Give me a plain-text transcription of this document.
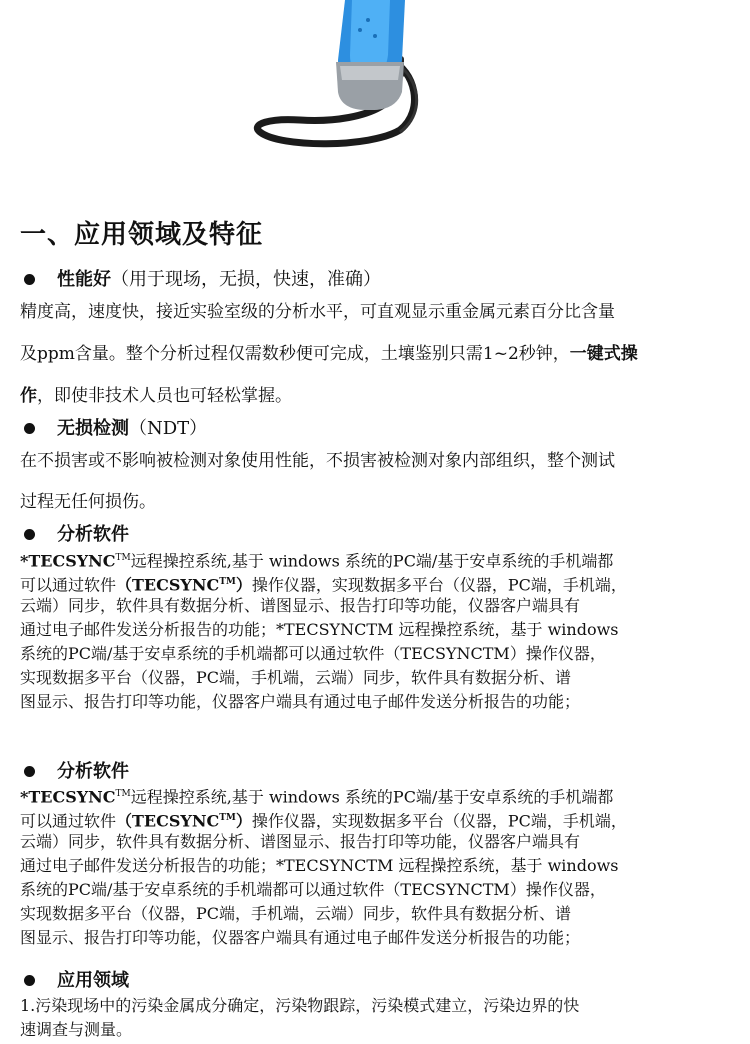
一、应用领域及特征
性能好（用于现场，无损，快速，准确）
精度高，速度快，接近实验室级的分析水平，可直观显示重金属元素百分比含量
及ppm含量。整个分析过程仅需数秒便可完成，土壤鉴别只需1~2秒钟，一键式操
作，即使非技术人员也可轻松掌握。
无损检测（NDT）
在不损害或不影响被检测对象使用性能，不损害被检测对象内部组织，整个测试
过程无任何损伤。
分析软件
*TECSYNC™远程操控系统,基于 windows 系统的PC端/基于安卓系统的手机端都
可以通过软件（TECSYNC™）操作仪器，实现数据多平台（仪器，PC端，手机端，
云端）同步，软件具有数据分析、谱图显示、报告打印等功能，仪器客户端具有
通过电子邮件发送分析报告的功能；*TECSYNCTM 远程操控系统，基于 windows
系统的PC端/基于安卓系统的手机端都可以通过软件（TECSYNCTM）操作仪器，
实现数据多平台（仪器，PC端，手机端，云端）同步，软件具有数据分析、谱
图显示、报告打印等功能，仪器客户端具有通过电子邮件发送分析报告的功能；
分析软件
*TECSYNC™远程操控系统,基于 windows 系统的PC端/基于安卓系统的手机端都
可以通过软件（TECSYNC™）操作仪器，实现数据多平台（仪器，PC端，手机端，
云端）同步，软件具有数据分析、谱图显示、报告打印等功能，仪器客户端具有
通过电子邮件发送分析报告的功能；*TECSYNCTM 远程操控系统，基于 windows
系统的PC端/基于安卓系统的手机端都可以通过软件（TECSYNCTM）操作仪器，
实现数据多平台（仪器，PC端，手机端，云端）同步，软件具有数据分析、谱
图显示、报告打印等功能，仪器客户端具有通过电子邮件发送分析报告的功能；
应用领域
1.污染现场中的污染金属成分确定，污染物跟踪，污染模式建立，污染边界的快
速调查与测量。
